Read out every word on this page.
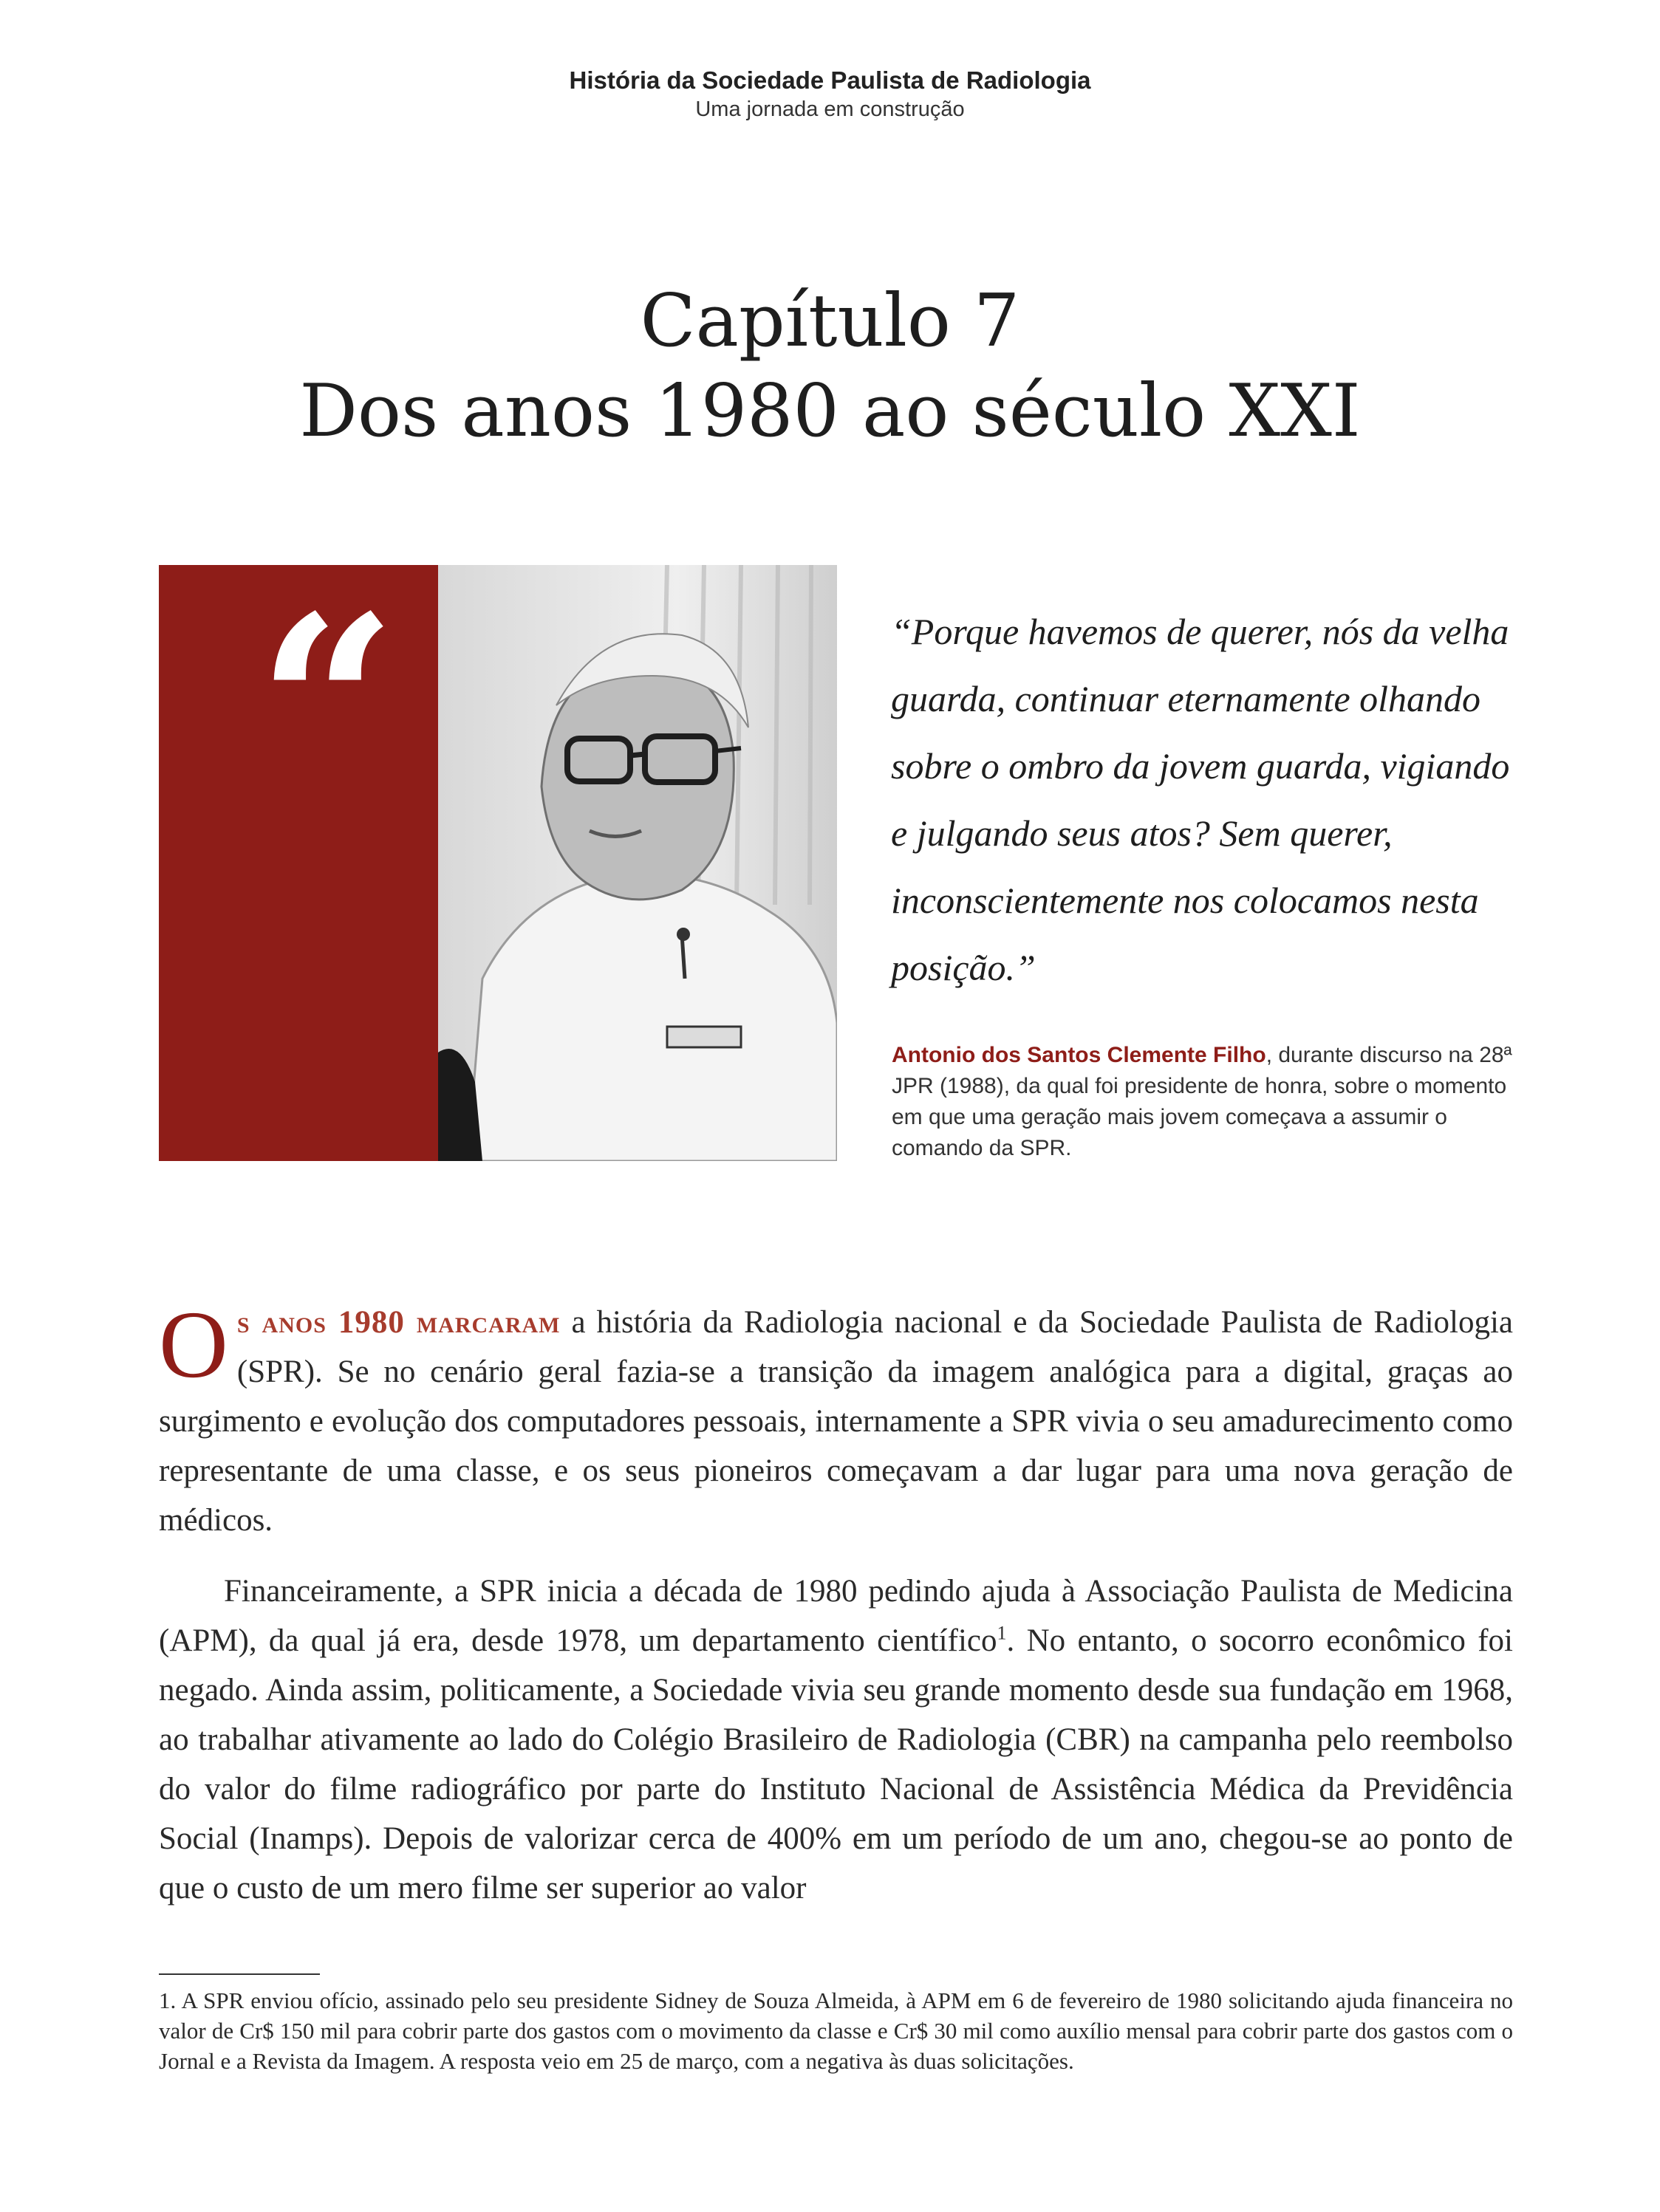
História da Sociedade Paulista de Radiologia
Uma jornada em construção
Capítulo 7
Dos anos 1980 ao século XXI
“	“Porque havemos de querer, nós da velha guarda, continuar eternamente olhando sobre o ombro da jovem guarda, vigiando e julgando seus atos? Sem querer, inconscientemente nos colocamos nesta posição.”

Antonio dos Santos Clemente Filho, durante discurso na 28ª JPR (1988), da qual foi presidente de honra, sobre o momento em que uma geração mais jovem começava a assumir o comando da SPR.

Os anos 1980 marcaram a história da Radiologia nacional e da Sociedade Paulista de Radiologia (SPR). Se no cenário geral fazia-se a transição da imagem analógica para a digital, graças ao surgimento e evolução dos computadores pessoais, internamente a SPR vivia o seu amadurecimento como representante de uma classe, e os seus pioneiros começavam a dar lugar para uma nova geração de médicos.

Financeiramente, a SPR inicia a década de 1980 pedindo ajuda à Associação Paulista de Medicina (APM), da qual já era, desde 1978, um departamento científico$^1$. No entanto, o socorro econômico foi negado. Ainda assim, politicamente, a Sociedade vivia seu grande momento desde sua fundação em 1968, ao trabalhar ativamente ao lado do Colégio Brasileiro de Radiologia (CBR) na campanha pelo reembolso do valor do filme radiográfico por parte do Instituto Nacional de Assistência Médica da Previdência Social (Inamps). Depois de valorizar cerca de 400% em um período de um ano, chegou-se ao ponto de que o custo de um mero filme ser superior ao valor

1. A SPR enviou ofício, assinado pelo seu presidente Sidney de Souza Almeida, à APM em 6 de fevereiro de 1980 solicitando ajuda financeira no valor de Cr$ 150 mil para cobrir parte dos gastos com o movimento da classe e Cr$ 30 mil como auxílio mensal para cobrir parte dos gastos com o Jornal e a Revista da Imagem. A resposta veio em 25 de março, com a negativa às duas solicitações.
